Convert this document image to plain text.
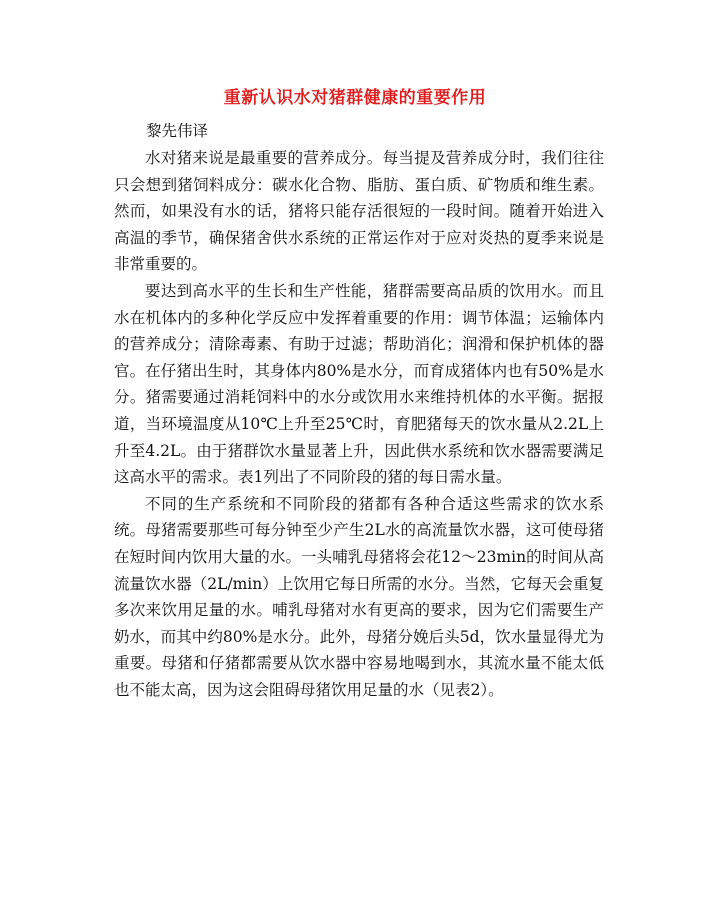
重新认识水对猪群健康的重要作用
黎先伟译

水对猪来说是最重要的营养成分。每当提及营养成分时，我们往往只会想到猪饲料成分：碳水化合物、脂肪、蛋白质、矿物质和维生素。然而，如果没有水的话，猪将只能存活很短的一段时间。随着开始进入高温的季节，确保猪舍供水系统的正常运作对于应对炎热的夏季来说是非常重要的。

要达到高水平的生长和生产性能，猪群需要高品质的饮用水。而且水在机体内的多种化学反应中发挥着重要的作用：调节体温；运输体内的营养成分；清除毒素、有助于过滤；帮助消化；润滑和保护机体的器官。在仔猪出生时，其身体内80%是水分，而育成猪体内也有50%是水分。猪需要通过消耗饲料中的水分或饮用水来维持机体的水平衡。据报道，当环境温度从10℃上升至25℃时，育肥猪每天的饮水量从2.2L上升至4.2L。由于猪群饮水量显著上升，因此供水系统和饮水器需要满足这高水平的需求。表1列出了不同阶段的猪的每日需水量。

不同的生产系统和不同阶段的猪都有各种合适这些需求的饮水系统。母猪需要那些可每分钟至少产生2L水的高流量饮水器，这可使母猪在短时间内饮用大量的水。一头哺乳母猪将会花12～23min的时间从高流量饮水器（2L/min）上饮用它每日所需的水分。当然，它每天会重复多次来饮用足量的水。哺乳母猪对水有更高的要求，因为它们需要生产奶水，而其中约80%是水分。此外，母猪分娩后头5d，饮水量显得尤为重要。母猪和仔猪都需要从饮水器中容易地喝到水，其流水量不能太低也不能太高，因为这会阻碍母猪饮用足量的水（见表2）。
